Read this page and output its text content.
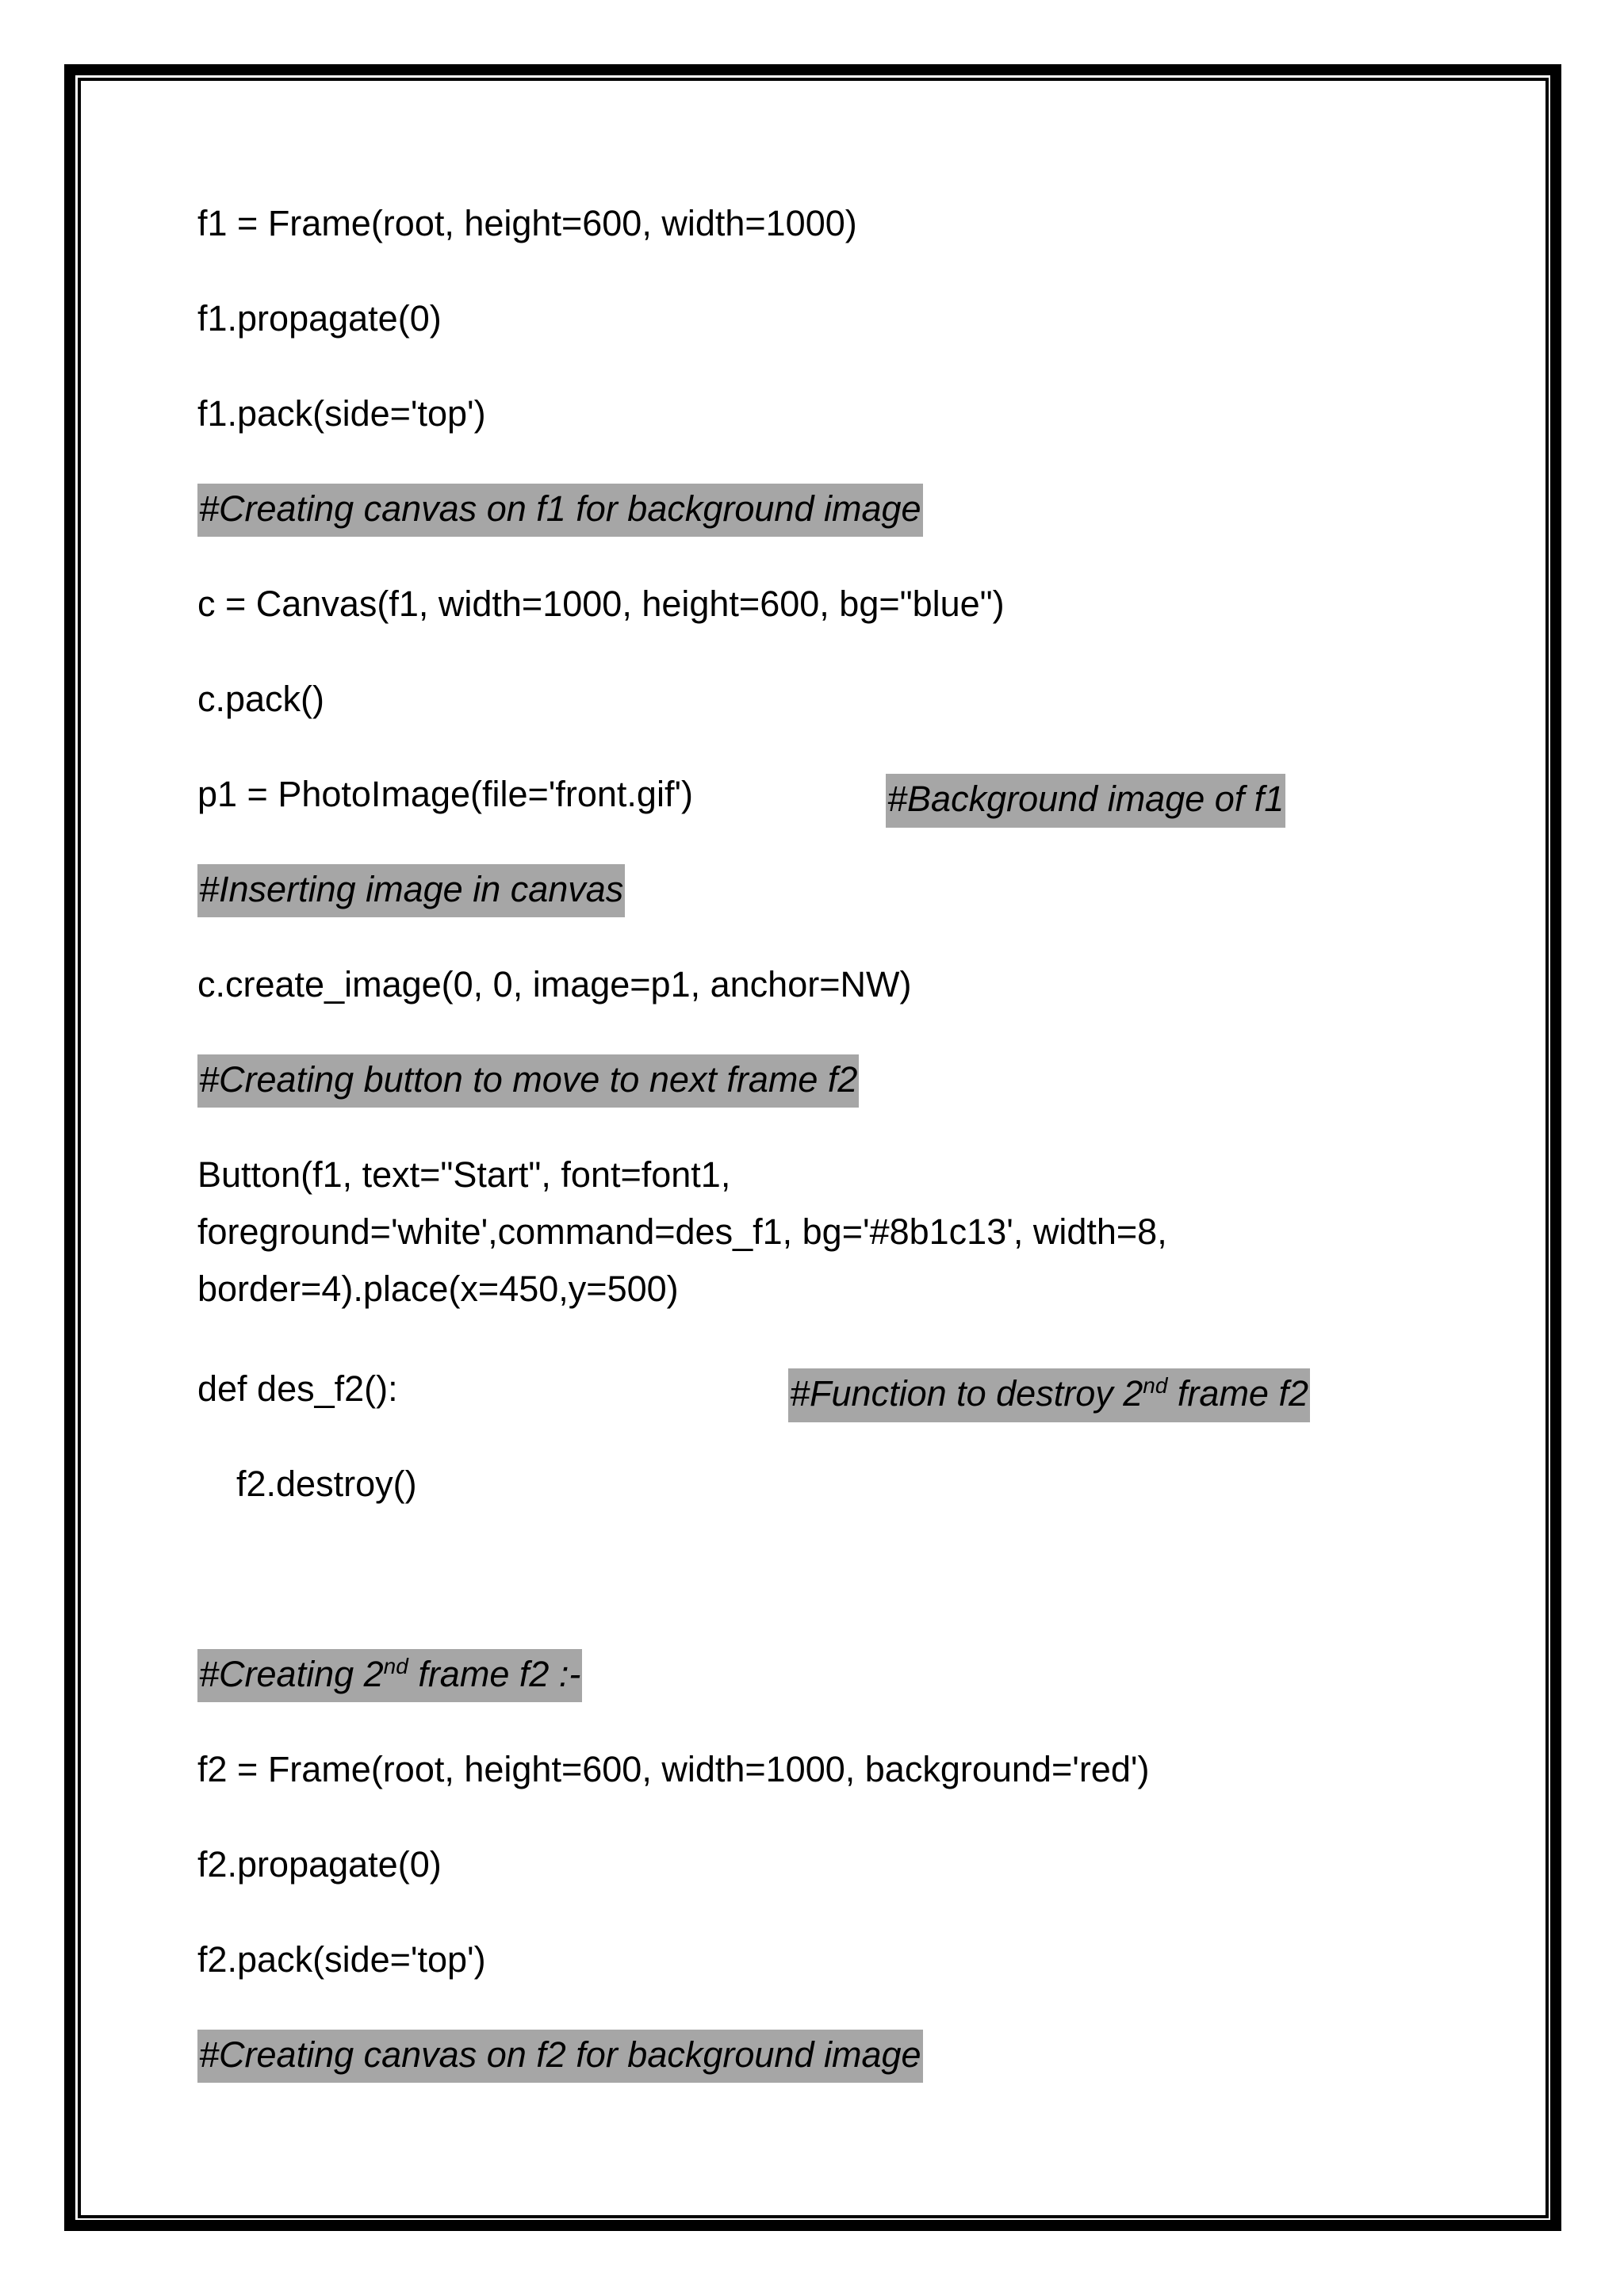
f1 = Frame(root, height=600, width=1000)

f1.propagate(0)

f1.pack(side='top')

#Creating canvas on f1 for background image

c = Canvas(f1, width=1000, height=600, bg="blue")

c.pack()

p1 = PhotoImage(file='front.gif')	#Background image of f1

#Inserting image in canvas

c.create_image(0, 0, image=p1, anchor=NW)

#Creating button to move to next frame f2

Button(f1, text="Start", font=font1,
foreground='white',command=des_f1, bg='#8b1c13', width=8,
border=4).place(x=450,y=500)

def des_f2():	#Function to destroy 2nd frame f2

f2.destroy()

#Creating 2nd frame f2 :-

f2 = Frame(root, height=600, width=1000, background='red')

f2.propagate(0)

f2.pack(side='top')

#Creating canvas on f2 for background image
